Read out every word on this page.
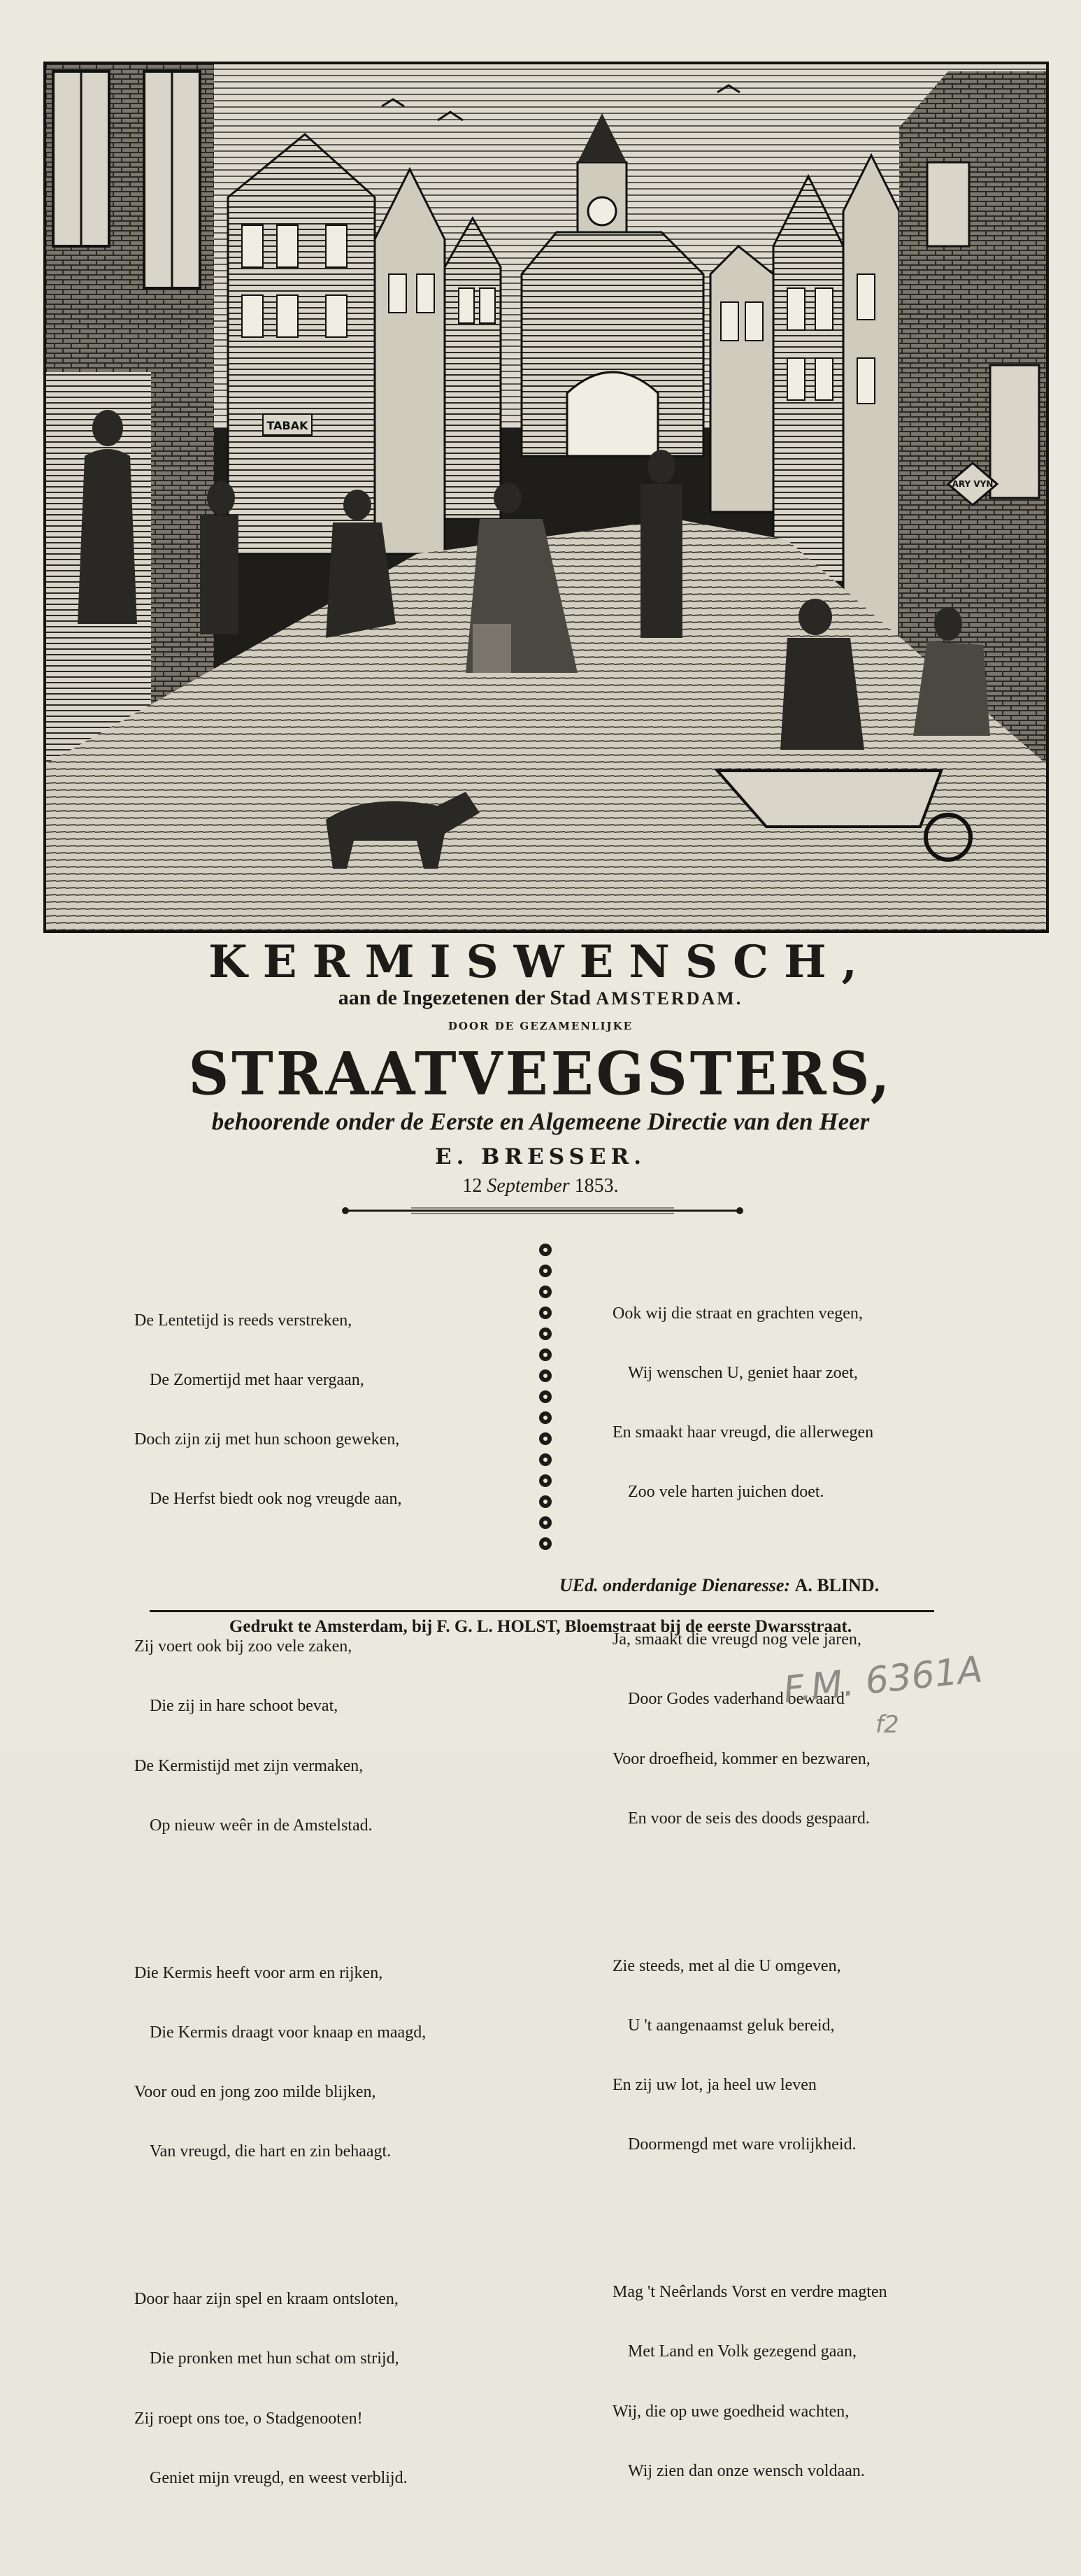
TABAK
ARY VYN
KERMISWENSCH,
aan de Ingezetenen der Stad AMSTERDAM.
DOOR DE GEZAMENLIJKE
STRAATVEEGSTERS,
behoorende onder de Eerste en Algemeene Directie van den Heer
E. BRESSER.
12 September 1853.

De Lentetijd is reeds verstreken,

De Zomertijd met haar vergaan,

Doch zijn zij met hun schoon geweken,

De Herfst biedt ook nog vreugde aan,

Zij voert ook bij zoo vele zaken,

Die zij in hare schoot bevat,

De Kermistijd met zijn vermaken,

Op nieuw weêr in de Amstelstad.

Die Kermis heeft voor arm en rijken,

Die Kermis draagt voor knaap en maagd,

Voor oud en jong zoo milde blijken,

Van vreugd, die hart en zin behaagt.

Door haar zijn spel en kraam ontsloten,

Die pronken met hun schat om strijd,

Zij roept ons toe, o Stadgenooten!

Geniet mijn vreugd, en weest verblijd.

Ook wij die straat en grachten vegen,

Wij wenschen U, geniet haar zoet,

En smaakt haar vreugd, die allerwegen

Zoo vele harten juichen doet.

Ja, smaakt die vreugd nog vele jaren,

Door Godes vaderhand bewaard

Voor droefheid, kommer en bezwaren,

En voor de seis des doods gespaard.

Zie steeds, met al die U omgeven,

U 't aangenaamst geluk bereid,

En zij uw lot, ja heel uw leven

Doormengd met ware vrolijkheid.

Mag 't Neêrlands Vorst en verdre magten

Met Land en Volk gezegend gaan,

Wij, die op uwe goedheid wachten,

Wij zien dan onze wensch voldaan.

UEd. onderdanige Dienaresse: A. BLIND.
Gedrukt te Amsterdam, bij F. G. L. HOLST, Bloemstraat bij de eerste Dwarsstraat.
F.M. 6361A
f2
